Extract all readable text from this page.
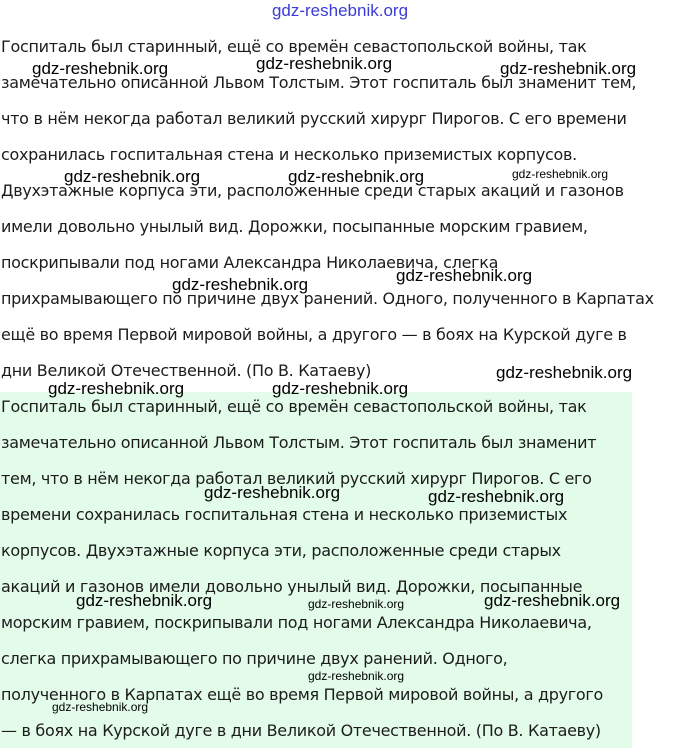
gdz-reshebnik.org
Госпиталь был старинный, ещё со времён севастопольской войны, так
замечательно описанной Львом Толстым. Этот госпиталь был знаменит тем,
что в нём некогда работал великий русский хирург Пирогов. С его времени
сохранилась госпитальная стена и несколько приземистых корпусов.
Двухэтажные корпуса эти, расположенные среди старых акаций и газонов
имели довольно унылый вид. Дорожки, посыпанные морским гравием,
поскрипывали под ногами Александра Николаевича, слегка
прихрамывающего по причине двух ранений. Одного, полученного в Карпатах
ещё во время Первой мировой войны, а другого — в боях на Курской дуге в
дни Великой Отечественной. (По В. Катаеву)
Госпиталь был старинный, ещё со времён севастопольской войны, так
замечательно описанной Львом Толстым. Этот госпиталь был знаменит
тем, что в нём некогда работал великий русский хирург Пирогов. С его
времени сохранилась госпитальная стена и несколько приземистых
корпусов. Двухэтажные корпуса эти, расположенные среди старых
акаций и газонов имели довольно унылый вид. Дорожки, посыпанные
морским гравием, поскрипывали под ногами Александра Николаевича,
слегка прихрамывающего по причине двух ранений. Одного,
полученного в Карпатах ещё во время Первой мировой войны, а другого
— в боях на Курской дуге в дни Великой Отечественной. (По В. Катаеву)
gdz-reshebnik.org	gdz-reshebnik.org	gdz-reshebnik.org
gdz-reshebnik.org	gdz-reshebnik.org	gdz-reshebnik.org
gdz-reshebnik.org
gdz-reshebnik.org
gdz-reshebnik.org	gdz-reshebnik.org
gdz-reshebnik.org
gdz-reshebnik.org	gdz-reshebnik.org
gdz-reshebnik.org	gdz-reshebnik.org	gdz-reshebnik.org
gdz-reshebnik.org
gdz-reshebnik.org
